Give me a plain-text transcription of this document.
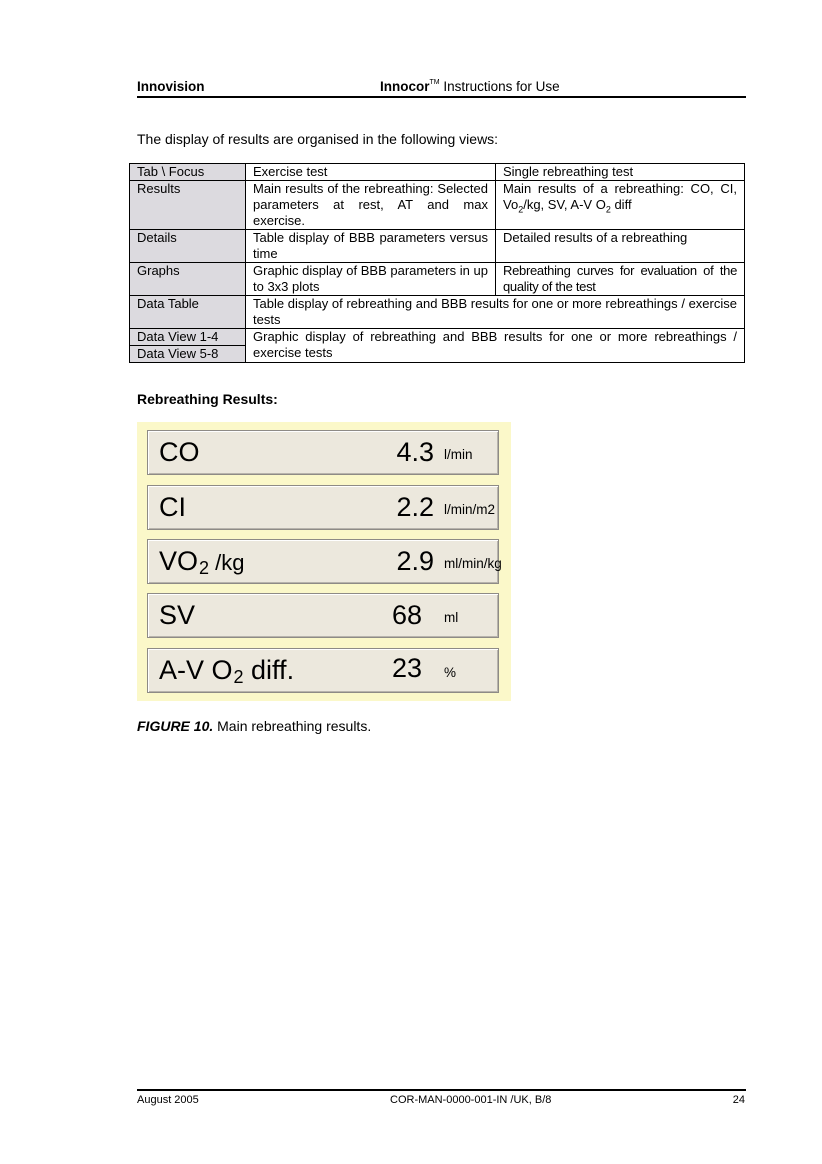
Innovision	Innocor™ Instructions for Use
The display of results are organised in the following views:
Tab \ Focus	Exercise test	Single rebreathing test
Results	Main results of the rebreathing: Selected parameters at rest, AT and max exercise.	Main results of a rebreathing: CO, CI, $Vo_2/kg$, SV, A-V $O_2$ diff
Details	Table display of BBB parameters versus time	Detailed results of a rebreathing
Graphs	Graphic display of BBB parameters in up to 3x3 plots	Rebreathing curves for evaluation of the quality of the test
Data Table	Table display of rebreathing and BBB results for one or more rebreathings / exercise tests	
Data View 1-4	Graphic display of rebreathing and BBB results for one or more rebreathings / exercise tests	
Data View 5-8		
Rebreathing Results:
CO	4.3 l/min
CI	2.2 l/min/m2
VO2 /kg	2.9 ml/min/kg
SV	68 ml
A-V O2 diff.	23 %
FIGURE 10. Main rebreathing results.
August 2005	COR-MAN-0000-001-IN /UK, B/8	24
